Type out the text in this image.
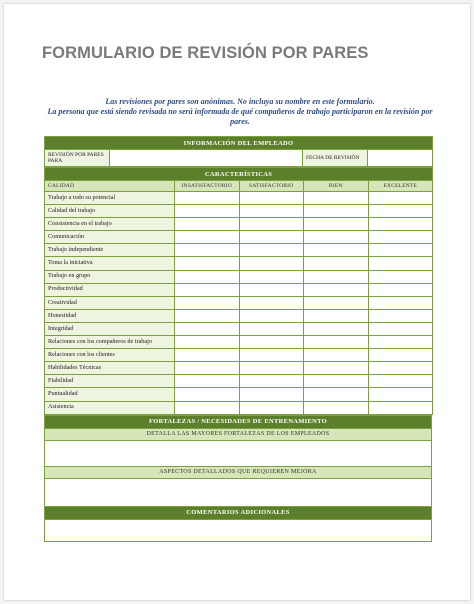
FORMULARIO DE REVISIÓN POR PARES
Las revisiones por pares son anónimas. No incluya su nombre en este formulario.
La persona que está siendo revisada no será informada de qué compañeros de trabajo participaron en la revisión por pares.
INFORMACIÓN DEL EMPLEADO
REVISIÓN POR PARES PARA		FECHA DE REVISIÓN	
CARACTERÍSTICAS				
CALIDAD	INSATISFACTORIO	SATISFACTORIO	BIEN	EXCELENTE
Trabajo a todo su potencial				
Calidad del trabajo				
Consistencia en el trabajo				
Comunicación				
Trabajo independiente				
Toma la iniciativa				
Trabajo en grupo				
Productividad				
Creatividad				
Honestidad				
Integridad				
Relaciones con los compañeros de trabajo				
Relaciones con los clientes				
Habilidades Técnicas				
Fiabilidad				
Puntualidad				
Asistencia				
FORTALEZAS / NECESIDADES DE ENTRENAMIENTO
DETALLA LAS MAYORES FORTALEZAS DE LOS EMPLEADOS

ASPECTOS DETALLADOS QUE REQUIEREN MEJORA

COMENTARIOS ADICIONALES
